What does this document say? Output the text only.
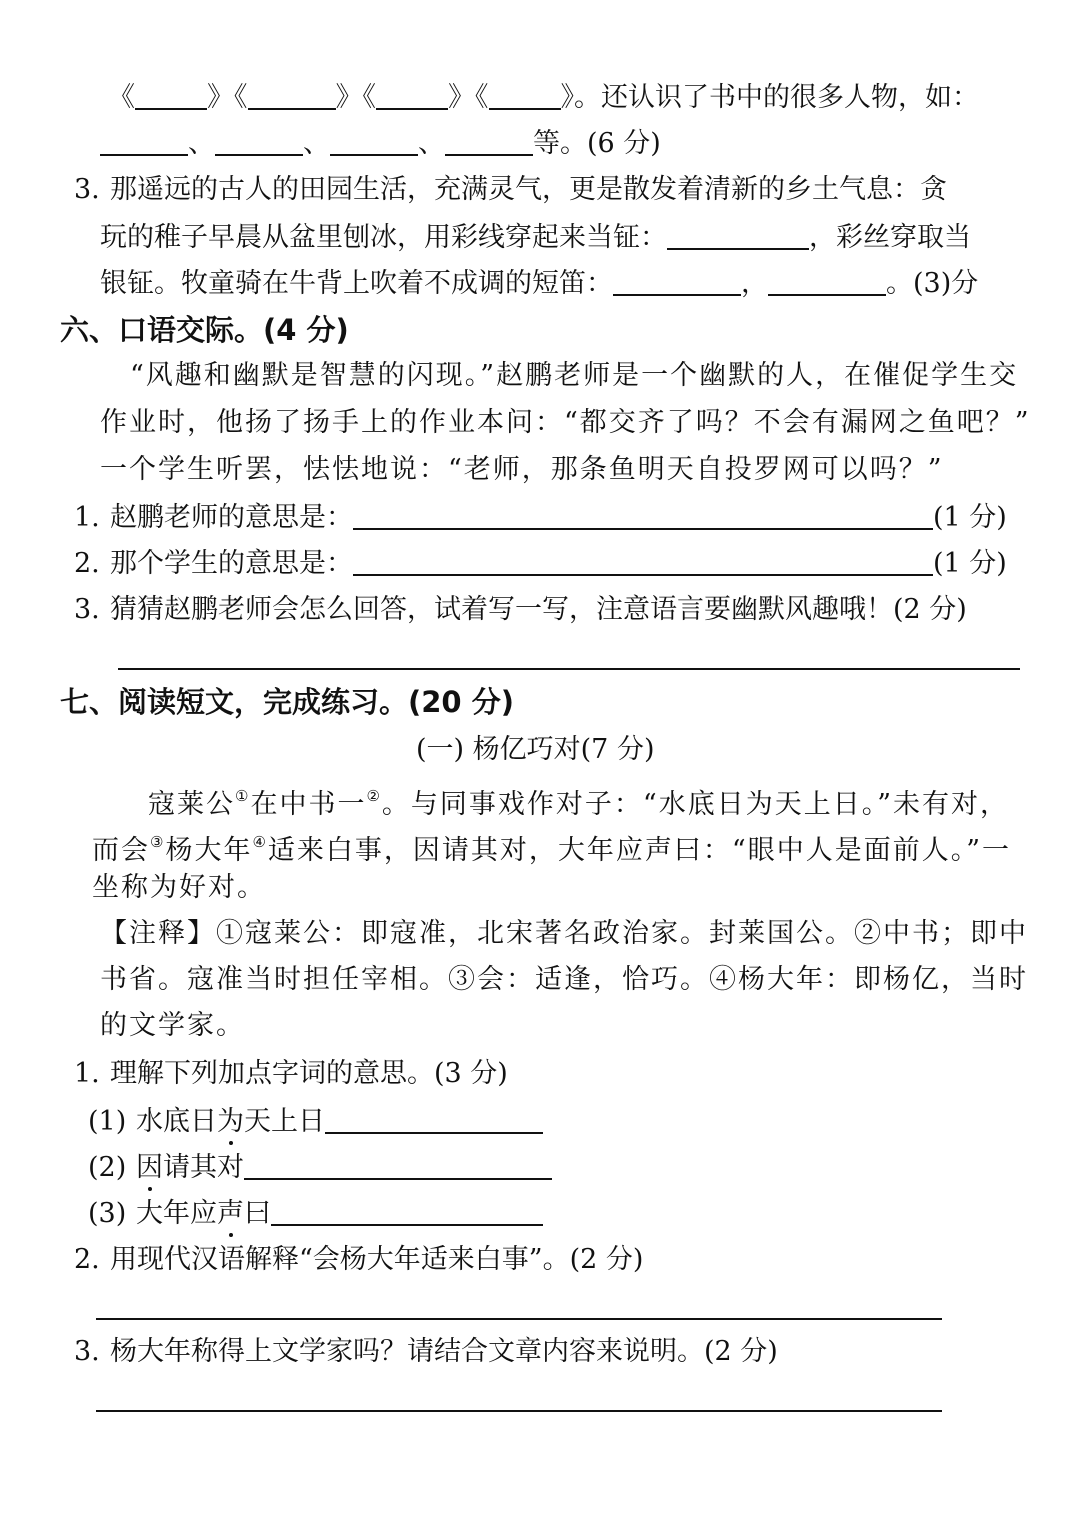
《	》《	》《	》《	》。还认识了书中的很多人物，如：
、	、	、	等。(6 分)
3. 那遥远的古人的田园生活，充满灵气，更是散发着清新的乡土气息：贪
玩的稚子早晨从盆里刨冰，用彩线穿起来当钲：	，彩丝穿取当
银钲。牧童骑在牛背上吹着不成调的短笛：	，	。(3)分
六、口语交际。(4 分)
“风趣和幽默是智慧的闪现。”赵鹏老师是一个幽默的人，在催促学生交
作业时，他扬了扬手上的作业本问：“都交齐了吗？不会有漏网之鱼吧？”
一个学生听罢，怯怯地说：“老师，那条鱼明天自投罗网可以吗？”
1. 赵鹏老师的意思是：	(1 分)
2. 那个学生的意思是：	(1 分)
3. 猜猜赵鹏老师会怎么回答，试着写一写，注意语言要幽默风趣哦！(2 分)
七、阅读短文，完成练习。(20 分)
(一) 杨亿巧对(7 分)
寇莱公①在中书一②。与同事戏作对子：“水底日为天上日。”未有对，
而会③杨大年④适来白事，因请其对，大年应声曰：“眼中人是面前人。”一
坐称为好对。
【注释】①寇莱公：即寇准，北宋著名政治家。封莱国公。②中书；即中
书省。寇准当时担任宰相。③会：适逢，恰巧。④杨大年：即杨亿，当时
的文学家。
1. 理解下列加点字词的意思。(3 分)
(1) 水底日为天上日
(2) 因请其对
(3) 大年应声曰
2. 用现代汉语解释“会杨大年适来白事”。(2 分)
3. 杨大年称得上文学家吗？请结合文章内容来说明。(2 分)
